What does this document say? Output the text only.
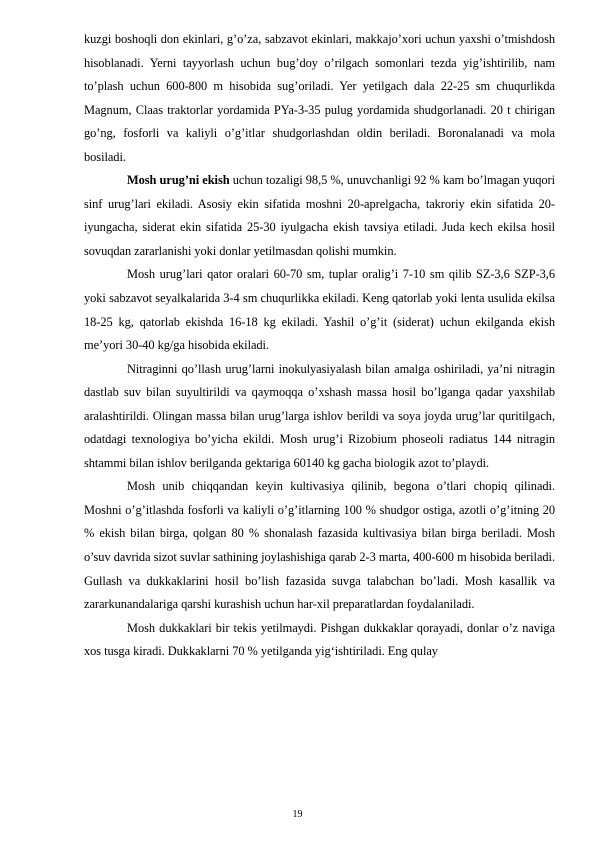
kuzgi boshoqli don ekinlari, g’o’za, sabzavot ekinlari, makkajo’xori uchun yaxshi o’tmishdosh hisoblanadi. Yerni tayyorlash uchun bug’doy o’rilgach somonlari tezda yig’ishtirilib, nam to’plash uchun 600-800 m hisobida sug’oriladi. Yer yetilgach dala 22-25 sm chuqurlikda Magnum, Claas traktorlar yordamida PYa-3-35 pulug yordamida shudgorlanadi. 20 t chirigan go’ng, fosforli va kaliyli o’g’itlar shudgorlashdan oldin beriladi. Boronalanadi va mola bosiladi.

Mosh urug’ni ekish uchun tozaligi 98,5 %, unuvchanligi 92 % kam bo’lmagan yuqori sinf urug’lari ekiladi. Asosiy ekin sifatida moshni 20-aprelgacha, takroriy ekin sifatida 20-iyungacha, siderat ekin sifatida 25-30 iyulgacha ekish tavsiya etiladi. Juda kech ekilsa hosil sovuqdan zararlanishi yoki donlar yetilmasdan qolishi mumkin.

Mosh urug’lari qator oralari 60-70 sm, tuplar oralig’i 7-10 sm qilib SZ-3,6 SZP-3,6 yoki sabzavot seyalkalarida 3-4 sm chuqurlikka ekiladi. Keng qatorlab yoki lenta usulida ekilsa 18-25 kg, qatorlab ekishda 16-18 kg ekiladi. Yashil o’g’it (siderat) uchun ekilganda ekish me’yori 30-40 kg/ga hisobida ekiladi.

Nitraginni qo’llash urug’larni inokulyasiyalash bilan amalga oshiriladi, ya’ni nitragin dastlab suv bilan suyultirildi va qaymoqqa o’xshash massa hosil bo’lganga qadar yaxshilab aralashtirildi. Olingan massa bilan urug’larga ishlov berildi va soya joyda urug’lar quritilgach, odatdagi texnologiya bo’yicha ekildi. Mosh urug’i Rizobium phoseoli radiatus 144 nitragin shtammi bilan ishlov berilganda gektariga 60140 kg gacha biologik azot to’playdi.

Mosh unib chiqqandan keyin kultivasiya qilinib, begona o’tlari chopiq qilinadi. Moshni o’g’itlashda fosforli va kaliyli o’g’itlarning 100 % shudgor ostiga, azotli o’g’itning 20 % ekish bilan birga, qolgan 80 % shonalash fazasida kultivasiya bilan birga beriladi. Mosh o’suv davrida sizot suvlar sathining joylashishiga qarab 2-3 marta, 400-600 m hisobida beriladi. Gullash va dukkaklarini hosil bo’lish fazasida suvga talabchan bo’ladi. Mosh kasallik va zararkunandalariga qarshi kurashish uchun har-xil preparatlardan foydalaniladi.

Mosh dukkaklari bir tekis yetilmaydi. Pishgan dukkaklar qorayadi, donlar o’z naviga xos tusga kiradi. Dukkaklarni 70 % yetilganda yig‘ishtiriladi. Eng qulay

19
